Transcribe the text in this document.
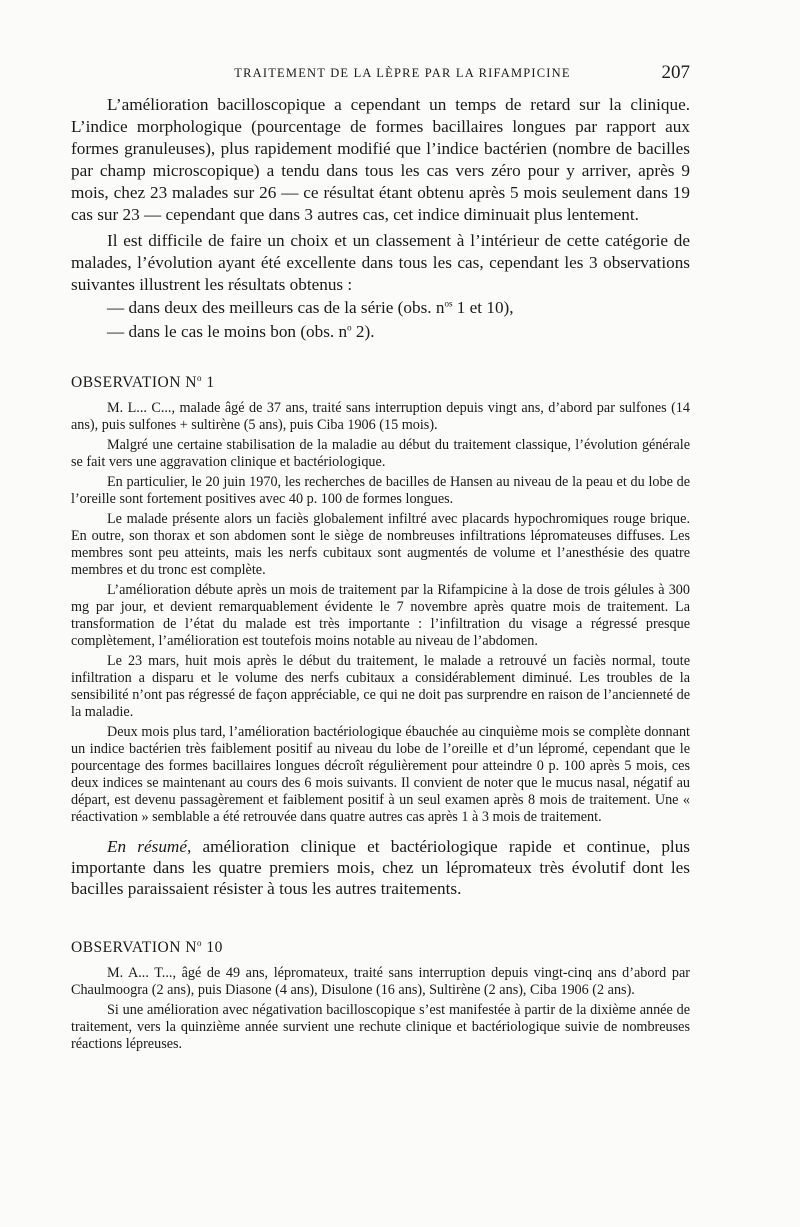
TRAITEMENT DE LA LÈPRE PAR LA RIFAMPICINE	207

L’amélioration bacilloscopique a cependant un temps de retard sur la clinique. L’indice morphologique (pourcentage de formes bacillaires longues par rapport aux formes granuleuses), plus rapidement modifié que l’indice bactérien (nombre de bacilles par champ microscopique) a tendu dans tous les cas vers zéro pour y arriver, après 9 mois, chez 23 malades sur 26 — ce résultat étant obtenu après 5 mois seulement dans 19 cas sur 23 — cependant que dans 3 autres cas, cet indice diminuait plus lentement.

Il est difficile de faire un choix et un classement à l’intérieur de cette catégorie de malades, l’évolution ayant été excellente dans tous les cas, cependant les 3 observations suivantes illustrent les résultats obtenus :

— dans deux des meilleurs cas de la série (obs. $n^{os}$ 1 et 10),
— dans le cas le moins bon (obs. $n^o$ 2).
OBSERVATION $N^o$ 1

M. L... C..., malade âgé de 37 ans, traité sans interruption depuis vingt ans, d’abord par sulfones (14 ans), puis sulfones + sultirène (5 ans), puis Ciba 1906 (15 mois).

Malgré une certaine stabilisation de la maladie au début du traitement classique, l’évolution générale se fait vers une aggravation clinique et bactériologique.

En particulier, le 20 juin 1970, les recherches de bacilles de Hansen au niveau de la peau et du lobe de l’oreille sont fortement positives avec 40 p. 100 de formes longues.

Le malade présente alors un faciès globalement infiltré avec placards hypochromiques rouge brique. En outre, son thorax et son abdomen sont le siège de nombreuses infiltrations lépromateuses diffuses. Les membres sont peu atteints, mais les nerfs cubitaux sont augmentés de volume et l’anesthésie des quatre membres et du tronc est complète.

L’amélioration débute après un mois de traitement par la Rifampicine à la dose de trois gélules à 300 mg par jour, et devient remarquablement évidente le 7 novembre après quatre mois de traitement. La transformation de l’état du malade est très importante : l’infiltration du visage a régressé presque complètement, l’amélioration est toutefois moins notable au niveau de l’abdomen.

Le 23 mars, huit mois après le début du traitement, le malade a retrouvé un faciès normal, toute infiltration a disparu et le volume des nerfs cubitaux a considérablement diminué. Les troubles de la sensibilité n’ont pas régressé de façon appréciable, ce qui ne doit pas surprendre en raison de l’ancienneté de la maladie.

Deux mois plus tard, l’amélioration bactériologique ébauchée au cinquième mois se complète donnant un indice bactérien très faiblement positif au niveau du lobe de l’oreille et d’un lépromé, cependant que le pourcentage des formes bacillaires longues décroît régulièrement pour atteindre 0 p. 100 après 5 mois, ces deux indices se maintenant au cours des 6 mois suivants. Il convient de noter que le mucus nasal, négatif au départ, est devenu passagèrement et faiblement positif à un seul examen après 8 mois de traitement. Une « réactivation » semblable a été retrouvée dans quatre autres cas après 1 à 3 mois de traitement.

En résumé, amélioration clinique et bactériologique rapide et continue, plus importante dans les quatre premiers mois, chez un lépromateux très évolutif dont les bacilles paraissaient résister à tous les autres traitements.

OBSERVATION $N^o$ 10

M. A... T..., âgé de 49 ans, lépromateux, traité sans interruption depuis vingt-cinq ans d’abord par Chaulmoogra (2 ans), puis Diasone (4 ans), Disulone (16 ans), Sultirène (2 ans), Ciba 1906 (2 ans).

Si une amélioration avec négativation bacilloscopique s’est manifestée à partir de la dixième année de traitement, vers la quinzième année survient une rechute clinique et bactériologique suivie de nombreuses réactions lépreuses.
